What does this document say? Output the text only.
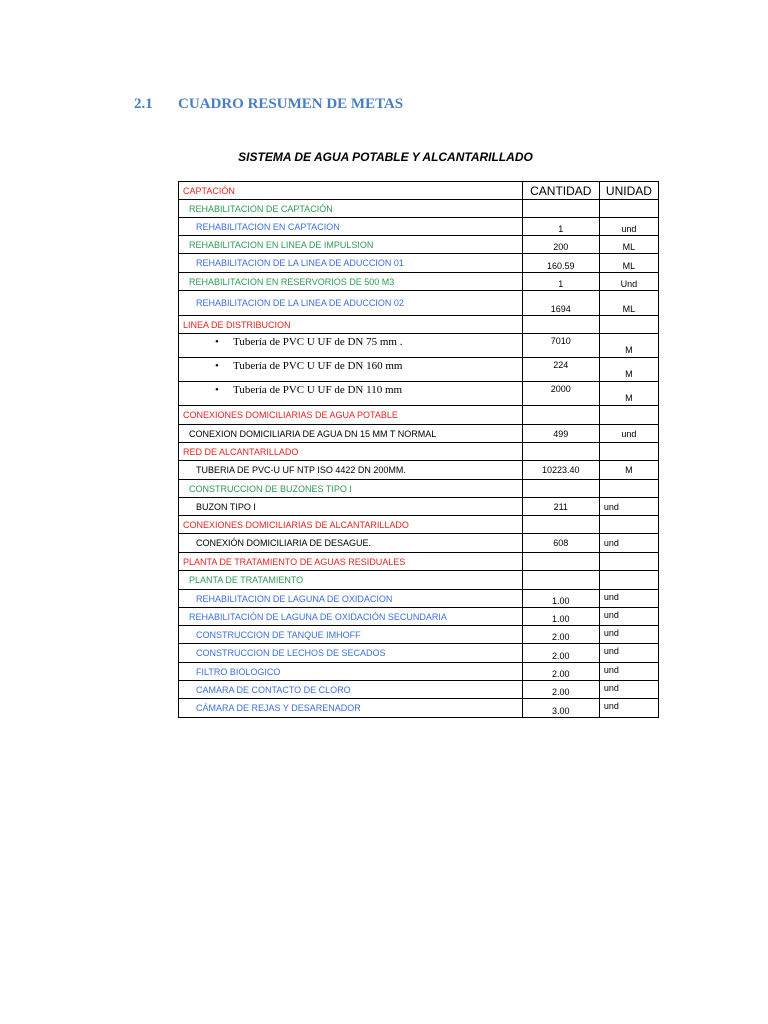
2.1 CUADRO RESUMEN DE METAS
SISTEMA DE AGUA POTABLE Y ALCANTARILLADO
CAPTACIÓN	CANTIDAD	UNIDAD
REHABILITACION DE CAPTACIÓN		
REHABILITACION EN CAPTACION	1	und
REHABILITACION EN LINEA DE IMPULSION	200	ML
REHABILITACION DE LA LINEA DE ADUCCION 01	160.59	ML
REHABILITACION EN RESERVORIOS DE 500 M3	1	Und
REHABILITACION DE LA LINEA DE ADUCCION 02	1694	ML
LINEA DE DISTRIBUCION		
• Tubería de PVC U UF de DN 75 mm .	7010	M
• Tubería de PVC U UF de DN 160 mm	224	M
• Tubería de PVC U UF de DN 110 mm	2000	M
CONEXIONES DOMICILIARIAS DE AGUA POTABLE		
CONEXION DOMICILIARIA DE AGUA DN 15 MM T NORMAL	499	und
RED DE ALCANTARILLADO		
TUBERIA DE PVC-U UF NTP ISO 4422 DN 200MM.	10223.40	M
CONSTRUCCION DE BUZONES TIPO I		
BUZON TIPO I	211	und
CONEXIONES DOMICILIARIAS DE ALCANTARILLADO		
CONEXIÓN DOMICILIARIA DE DESAGUE.	608	und
PLANTA DE TRATAMIENTO DE AGUAS RESIDUALES		
PLANTA DE TRATAMIENTO		
REHABILITACION DE LAGUNA DE OXIDACION	1.00	und
REHABILITACIÓN DE LAGUNA DE OXIDACIÓN SECUNDARIA	1.00	und
CONSTRUCCION DE TANQUE IMHOFF	2.00	und
CONSTRUCCION DE LECHOS DE SECADOS	2.00	und
FILTRO BIOLOGICO	2.00	und
CAMARA DE CONTACTO DE CLORO	2.00	und
CÁMARA DE REJAS Y DESARENADOR	3.00	und
